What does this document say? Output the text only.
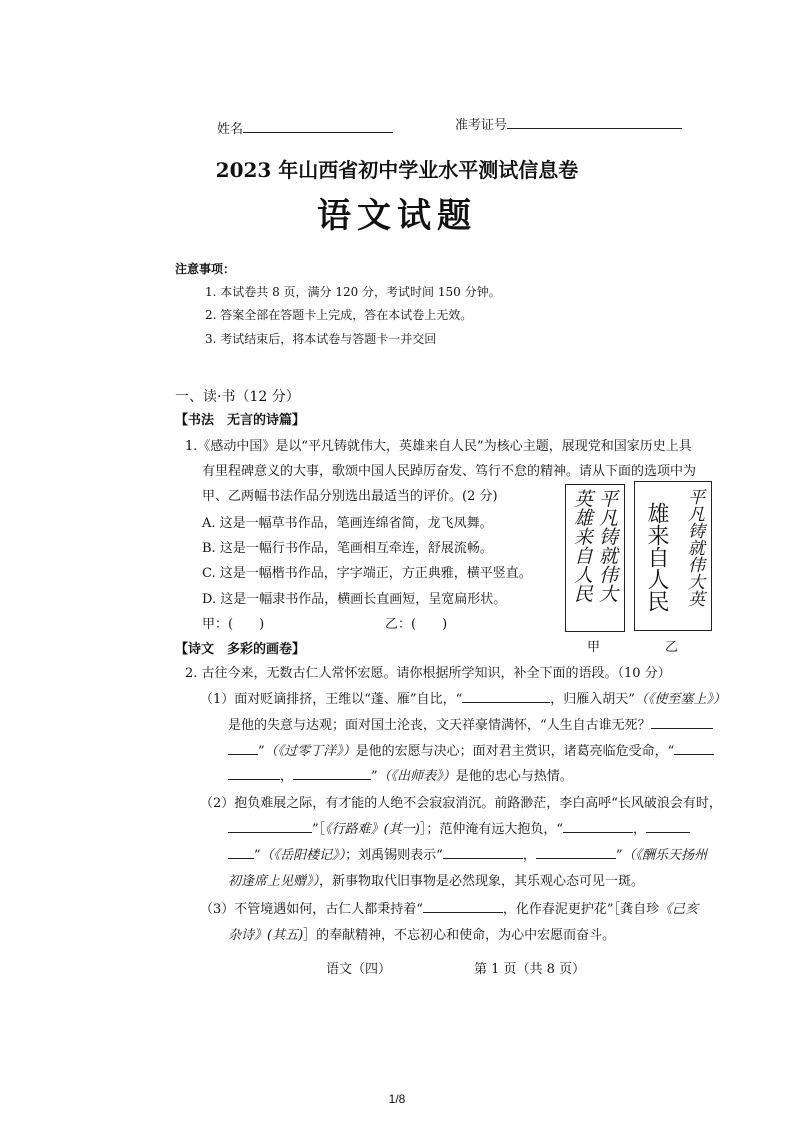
姓名	准考证号
2023 年山西省初中学业水平测试信息卷
语文试题
注意事项：
1. 本试卷共 8 页，满分 120 分，考试时间 150 分钟。
2. 答案全部在答题卡上完成，答在本试卷上无效。
3. 考试结束后，将本试卷与答题卡一并交回
一、读·书（12 分）
【书法　无言的诗篇】
1.《感动中国》是以“平凡铸就伟大，英雄来自人民”为核心主题，展现党和国家历史上具
有里程碑意义的大事，歌颂中国人民踔厉奋发、笃行不怠的精神。请从下面的选项中为
甲、乙两幅书法作品分别选出最适当的评价。(2 分)
A. 这是一幅草书作品，笔画连绵省简，龙飞凤舞。
B. 这是一幅行书作品，笔画相互牵连，舒展流畅。
C. 这是一幅楷书作品，字字端正，方正典雅，横平竖直。
D. 这是一幅隶书作品，横画长直画短，呈宽扁形状。
甲：(　　)	乙：(　　)
平凡铸就伟大
英雄来自人民
甲
平凡铸就伟大英
雄来自人民
乙
【诗文　多彩的画卷】
2. 古往今来，无数古仁人常怀宏愿。请你根据所学知识，补全下面的语段。（10 分）
（1）面对贬谪排挤，王维以“蓬、雁”自比，“	，归雁入胡天”（《使至塞上》）
是他的失意与达观；面对国土沦丧，文天祥豪情满怀，“人生自古谁无死？
”（《过零丁洋》）是他的宏愿与决心；面对君主赏识，诸葛亮临危受命，“
，	”（《出师表》）是他的忠心与热情。
（2）抱负难展之际，有才能的人绝不会寂寂消沉。前路渺茫，李白高呼“长风破浪会有时，
”［《行路难》(其一)］；范仲淹有远大抱负，“	，
”（《岳阳楼记》）；刘禹锡则表示“	，	”（《酬乐天扬州
初逢席上见赠》），新事物取代旧事物是必然现象，其乐观心态可见一斑。
（3）不管境遇如何，古仁人都秉持着“	，化作春泥更护花”［龚自珍《己亥
杂诗》(其五)］的奉献精神，不忘初心和使命，为心中宏愿而奋斗。
语文（四）	第 1 页（共 8 页）
1/8
